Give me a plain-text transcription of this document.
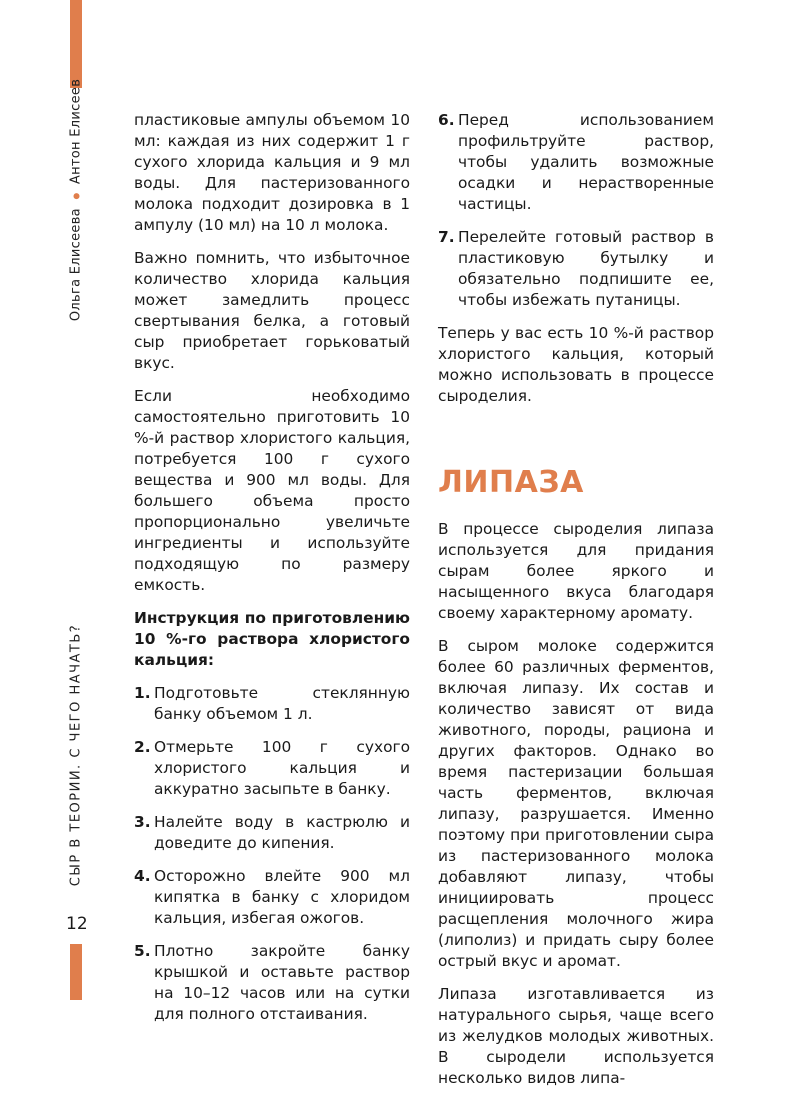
Ольга Елисеева
Антон Елисеев
СЫР В ТЕОРИИ. С ЧЕГО НАЧАТЬ?
12

пластиковые ампулы объемом 10 мл: каждая из них содержит 1 г сухого хлорида кальция и 9 мл воды. Для пастеризованного молока подходит дозировка в 1 ампулу (10 мл) на 10 л молока.

Важно помнить, что избыточное количество хлорида кальция может замедлить процесс свертывания белка, а готовый сыр приобретает горьковатый вкус.

Если необходимо самостоятельно приготовить 10 %-й раствор хлористого кальция, потребуется 100 г сухого вещества и 900 мл воды. Для большего объема просто пропорционально увеличьте ингредиенты и используйте подходящую по размеру емкость.

Инструкция по приготовлению 10 %-го раствора хлористого кальция:

1. Подготовьте стеклянную банку объемом 1 л.
2. Отмерьте 100 г сухого хлористого кальция и аккуратно засыпьте в банку.
3. Налейте воду в кастрюлю и доведите до кипения.
4. Осторожно влейте 900 мл кипятка в банку с хлоридом кальция, избегая ожогов.
5. Плотно закройте банку крышкой и оставьте раствор на 10–12 часов или на сутки для полного отстаивания.
6. Перед использованием профильтруйте раствор, чтобы удалить возможные осадки и нерастворенные частицы.
7. Перелейте готовый раствор в пластиковую бутылку и обязательно подпишите ее, чтобы избежать путаницы.

Теперь у вас есть 10 %-й раствор хлористого кальция, который можно использовать в процессе сыроделия.

ЛИПАЗА

В процессе сыроделия липаза используется для придания сырам более яркого и насыщенного вкуса благодаря своему характерному аромату.

В сыром молоке содержится более 60 различных ферментов, включая липазу. Их состав и количество зависят от вида животного, породы, рациона и других факторов. Однако во время пастеризации большая часть ферментов, включая липазу, разрушается. Именно поэтому при приготовлении сыра из пастеризованного молока добавляют липазу, чтобы инициировать процесс расщепления молочного жира (липолиз) и придать сыру более острый вкус и аромат.

Липаза изготавливается из натурального сырья, чаще всего из желудков молодых животных. В сыродели используется несколько видов липа-
